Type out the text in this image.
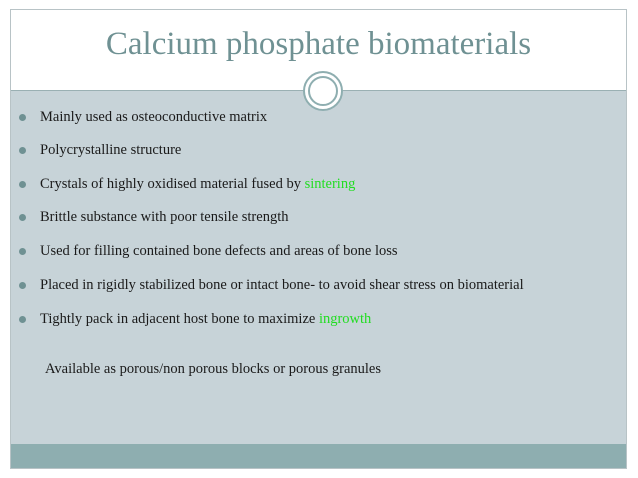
Calcium phosphate biomaterials
Mainly used as osteoconductive matrix
Polycrystalline structure
Crystals of highly oxidised material fused by sintering
Brittle substance with poor tensile strength
Used for filling contained bone defects and areas of bone loss
Placed in rigidly stabilized bone or intact bone- to avoid shear stress on biomaterial
Tightly pack in adjacent host bone to maximize ingrowth
Available as porous/non porous blocks or porous granules
